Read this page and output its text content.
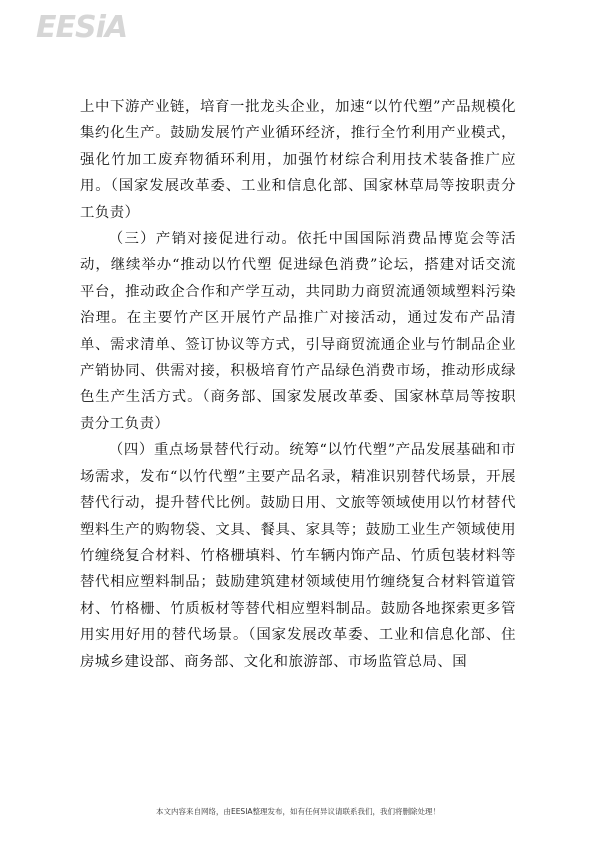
EESiA

上中下游产业链，培育一批龙头企业，加速“以竹代塑”产品规模化集约化生产。鼓励发展竹产业循环经济，推行全竹利用产业模式，强化竹加工废弃物循环利用，加强竹材综合利用技术装备推广应用。（国家发展改革委、工业和信息化部、国家林草局等按职责分工负责）

（三）产销对接促进行动。依托中国国际消费品博览会等活动，继续举办“推动以竹代塑 促进绿色消费”论坛，搭建对话交流平台，推动政企合作和产学互动，共同助力商贸流通领域塑料污染治理。在主要竹产区开展竹产品推广对接活动，通过发布产品清单、需求清单、签订协议等方式，引导商贸流通企业与竹制品企业产销协同、供需对接，积极培育竹产品绿色消费市场，推动形成绿色生产生活方式。（商务部、国家发展改革委、国家林草局等按职责分工负责）

（四）重点场景替代行动。统筹“以竹代塑”产品发展基础和市场需求，发布“以竹代塑”主要产品名录，精准识别替代场景，开展替代行动，提升替代比例。鼓励日用、文旅等领域使用以竹材替代塑料生产的购物袋、文具、餐具、家具等；鼓励工业生产领域使用竹缠绕复合材料、竹格栅填料、竹车辆内饰产品、竹质包装材料等替代相应塑料制品；鼓励建筑建材领域使用竹缠绕复合材料管道管材、竹格栅、竹质板材等替代相应塑料制品。鼓励各地探索更多管用实用好用的替代场景。（国家发展改革委、工业和信息化部、住房城乡建设部、商务部、文化和旅游部、市场监管总局、国

本文内容来自网络，由EESIA整理发布，如有任何异议请联系我们，我们将删除处理！
